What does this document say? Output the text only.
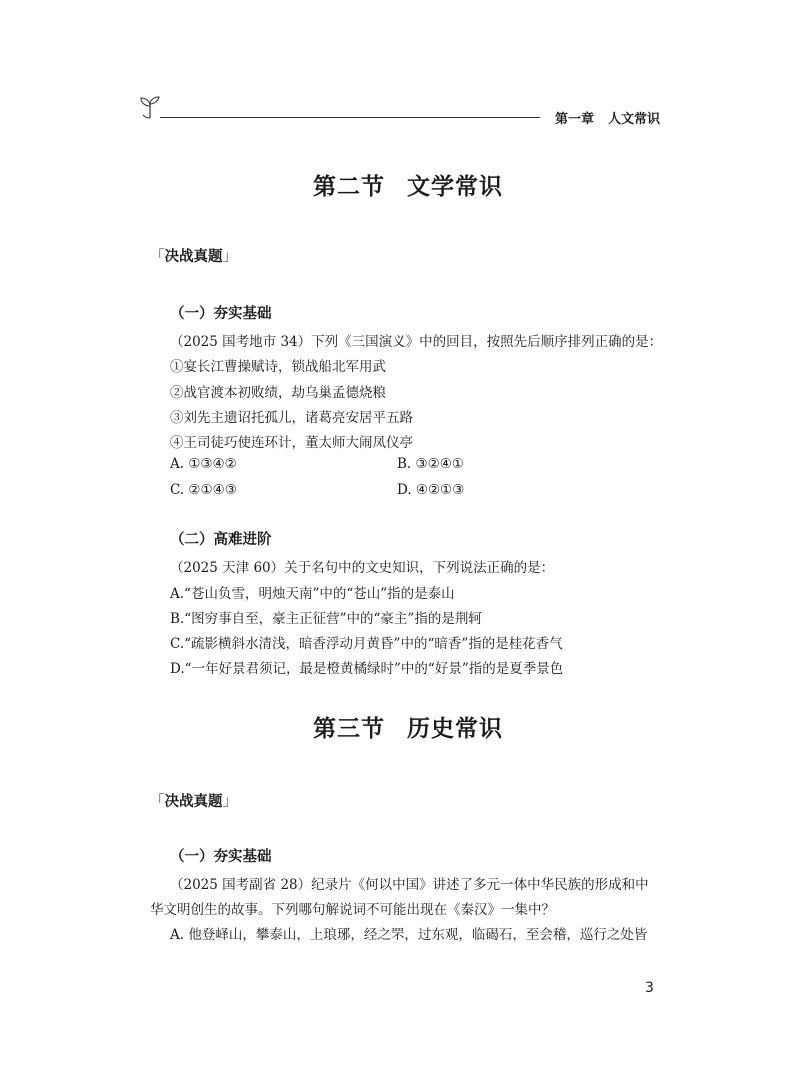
第一章 人文常识
第二节 文学常识
「决战真题」
（一）夯实基础
（2025 国考地市 34）下列《三国演义》中的回目，按照先后顺序排列正确的是：
①宴长江曹操赋诗，锁战船北军用武
②战官渡本初败绩，劫乌巢孟德烧粮
③刘先主遗诏托孤儿，诸葛亮安居平五路
④王司徒巧使连环计，董太师大闹凤仪亭
A. ①③④②	B. ③②④①
C. ②①④③	D. ④②①③
（二）高难进阶
（2025 天津 60）关于名句中的文史知识，下列说法正确的是：
A.“苍山负雪，明烛天南”中的“苍山”指的是泰山
B.“图穷事自至，豪主正征营”中的“豪主”指的是荆轲
C.“疏影横斜水清浅，暗香浮动月黄昏”中的“暗香”指的是桂花香气
D.“一年好景君须记，最是橙黄橘绿时”中的“好景”指的是夏季景色
第三节 历史常识
「决战真题」
（一）夯实基础
（2025 国考副省 28）纪录片《何以中国》讲述了多元一体中华民族的形成和中
华文明创生的故事。下列哪句解说词不可能出现在《秦汉》一集中？
A. 他登峄山，攀泰山，上琅琊，经之罘，过东观，临碣石，至会稽，巡行之处皆
3
